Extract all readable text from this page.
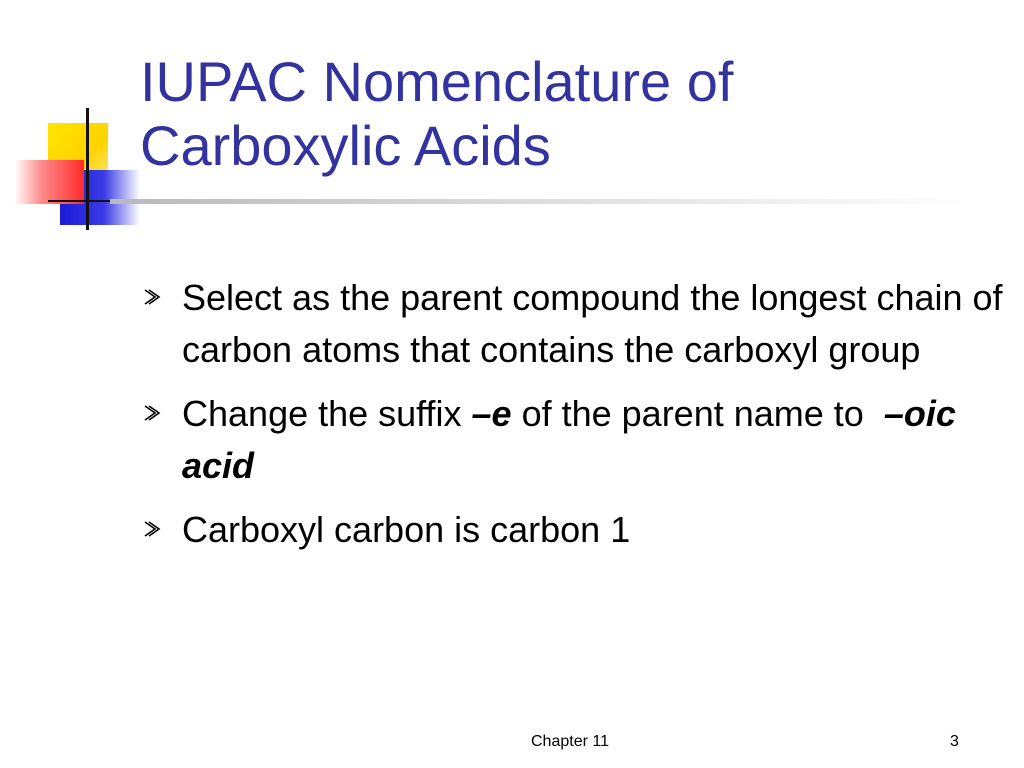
IUPAC Nomenclature of
Carboxylic Acids
Select as the parent compound the longest chain of carbon atoms that contains the carboxyl group
Change the suffix –e of the parent name to  –oic acid
Carboxyl carbon is carbon 1
Chapter 11	3
